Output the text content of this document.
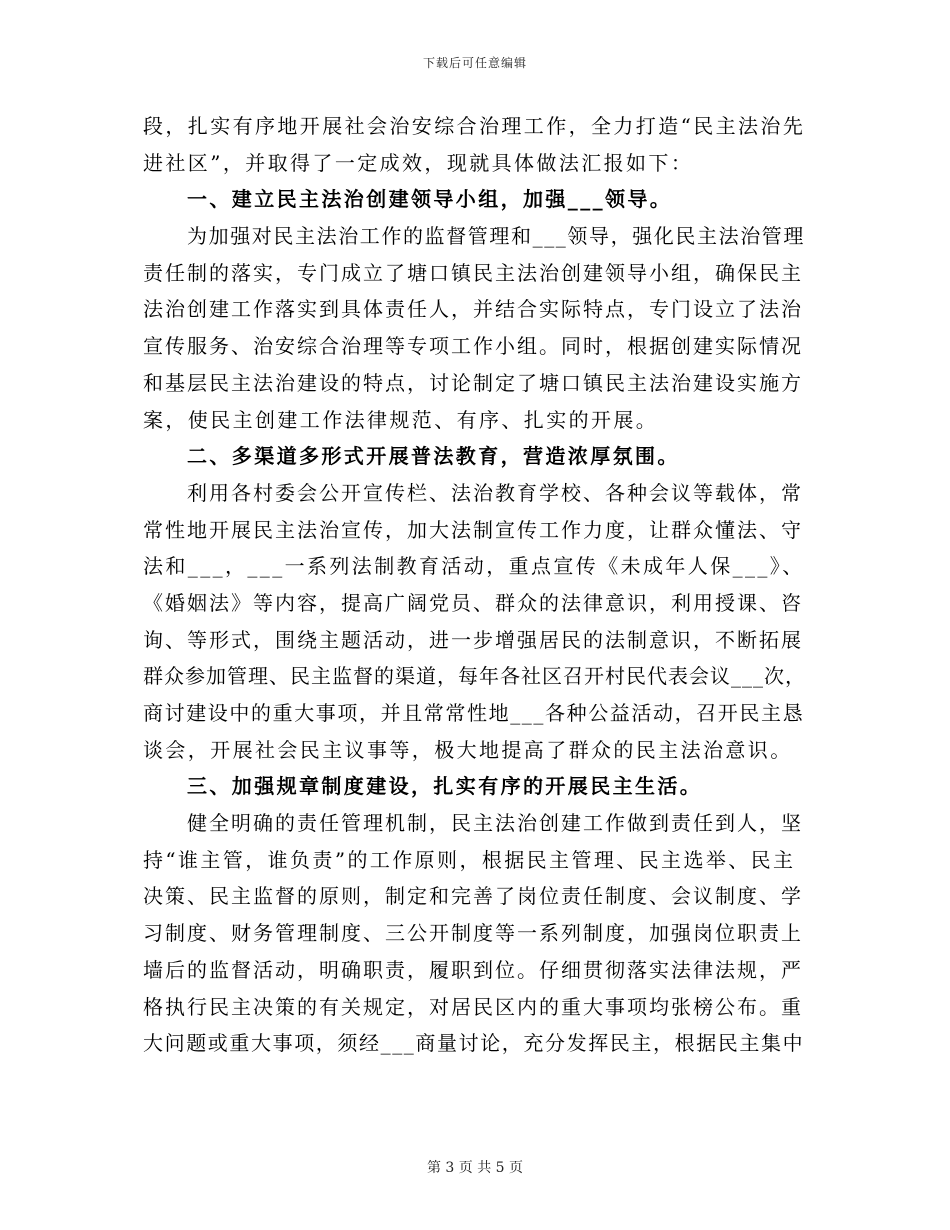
下载后可任意编辑
段，扎实有序地开展社会治安综合治理工作，全力打造“民主法治先
进社区”，并取得了一定成效，现就具体做法汇报如下：
一、建立民主法治创建领导小组，加强___领导。
为加强对民主法治工作的监督管理和___领导，强化民主法治管理
责任制的落实，专门成立了塘口镇民主法治创建领导小组，确保民主
法治创建工作落实到具体责任人，并结合实际特点，专门设立了法治
宣传服务、治安综合治理等专项工作小组。同时，根据创建实际情况
和基层民主法治建设的特点，讨论制定了塘口镇民主法治建设实施方
案，使民主创建工作法律规范、有序、扎实的开展。
二、多渠道多形式开展普法教育，营造浓厚氛围。
利用各村委会公开宣传栏、法治教育学校、各种会议等载体，常
常性地开展民主法治宣传，加大法制宣传工作力度，让群众懂法、守
法和___，___一系列法制教育活动，重点宣传《未成年人保___》、
《婚姻法》等内容，提高广阔党员、群众的法律意识，利用授课、咨
询、等形式，围绕主题活动，进一步增强居民的法制意识，不断拓展
群众参加管理、民主监督的渠道，每年各社区召开村民代表会议___次，
商讨建设中的重大事项，并且常常性地___各种公益活动，召开民主恳
谈会，开展社会民主议事等，极大地提高了群众的民主法治意识。
三、加强规章制度建设，扎实有序的开展民主生活。
健全明确的责任管理机制，民主法治创建工作做到责任到人，坚
持“谁主管，谁负责”的工作原则，根据民主管理、民主选举、民主
决策、民主监督的原则，制定和完善了岗位责任制度、会议制度、学
习制度、财务管理制度、三公开制度等一系列制度，加强岗位职责上
墙后的监督活动，明确职责，履职到位。仔细贯彻落实法律法规，严
格执行民主决策的有关规定，对居民区内的重大事项均张榜公布。重
大问题或重大事项，须经___商量讨论，充分发挥民主，根据民主集中
第 3 页 共 5 页
